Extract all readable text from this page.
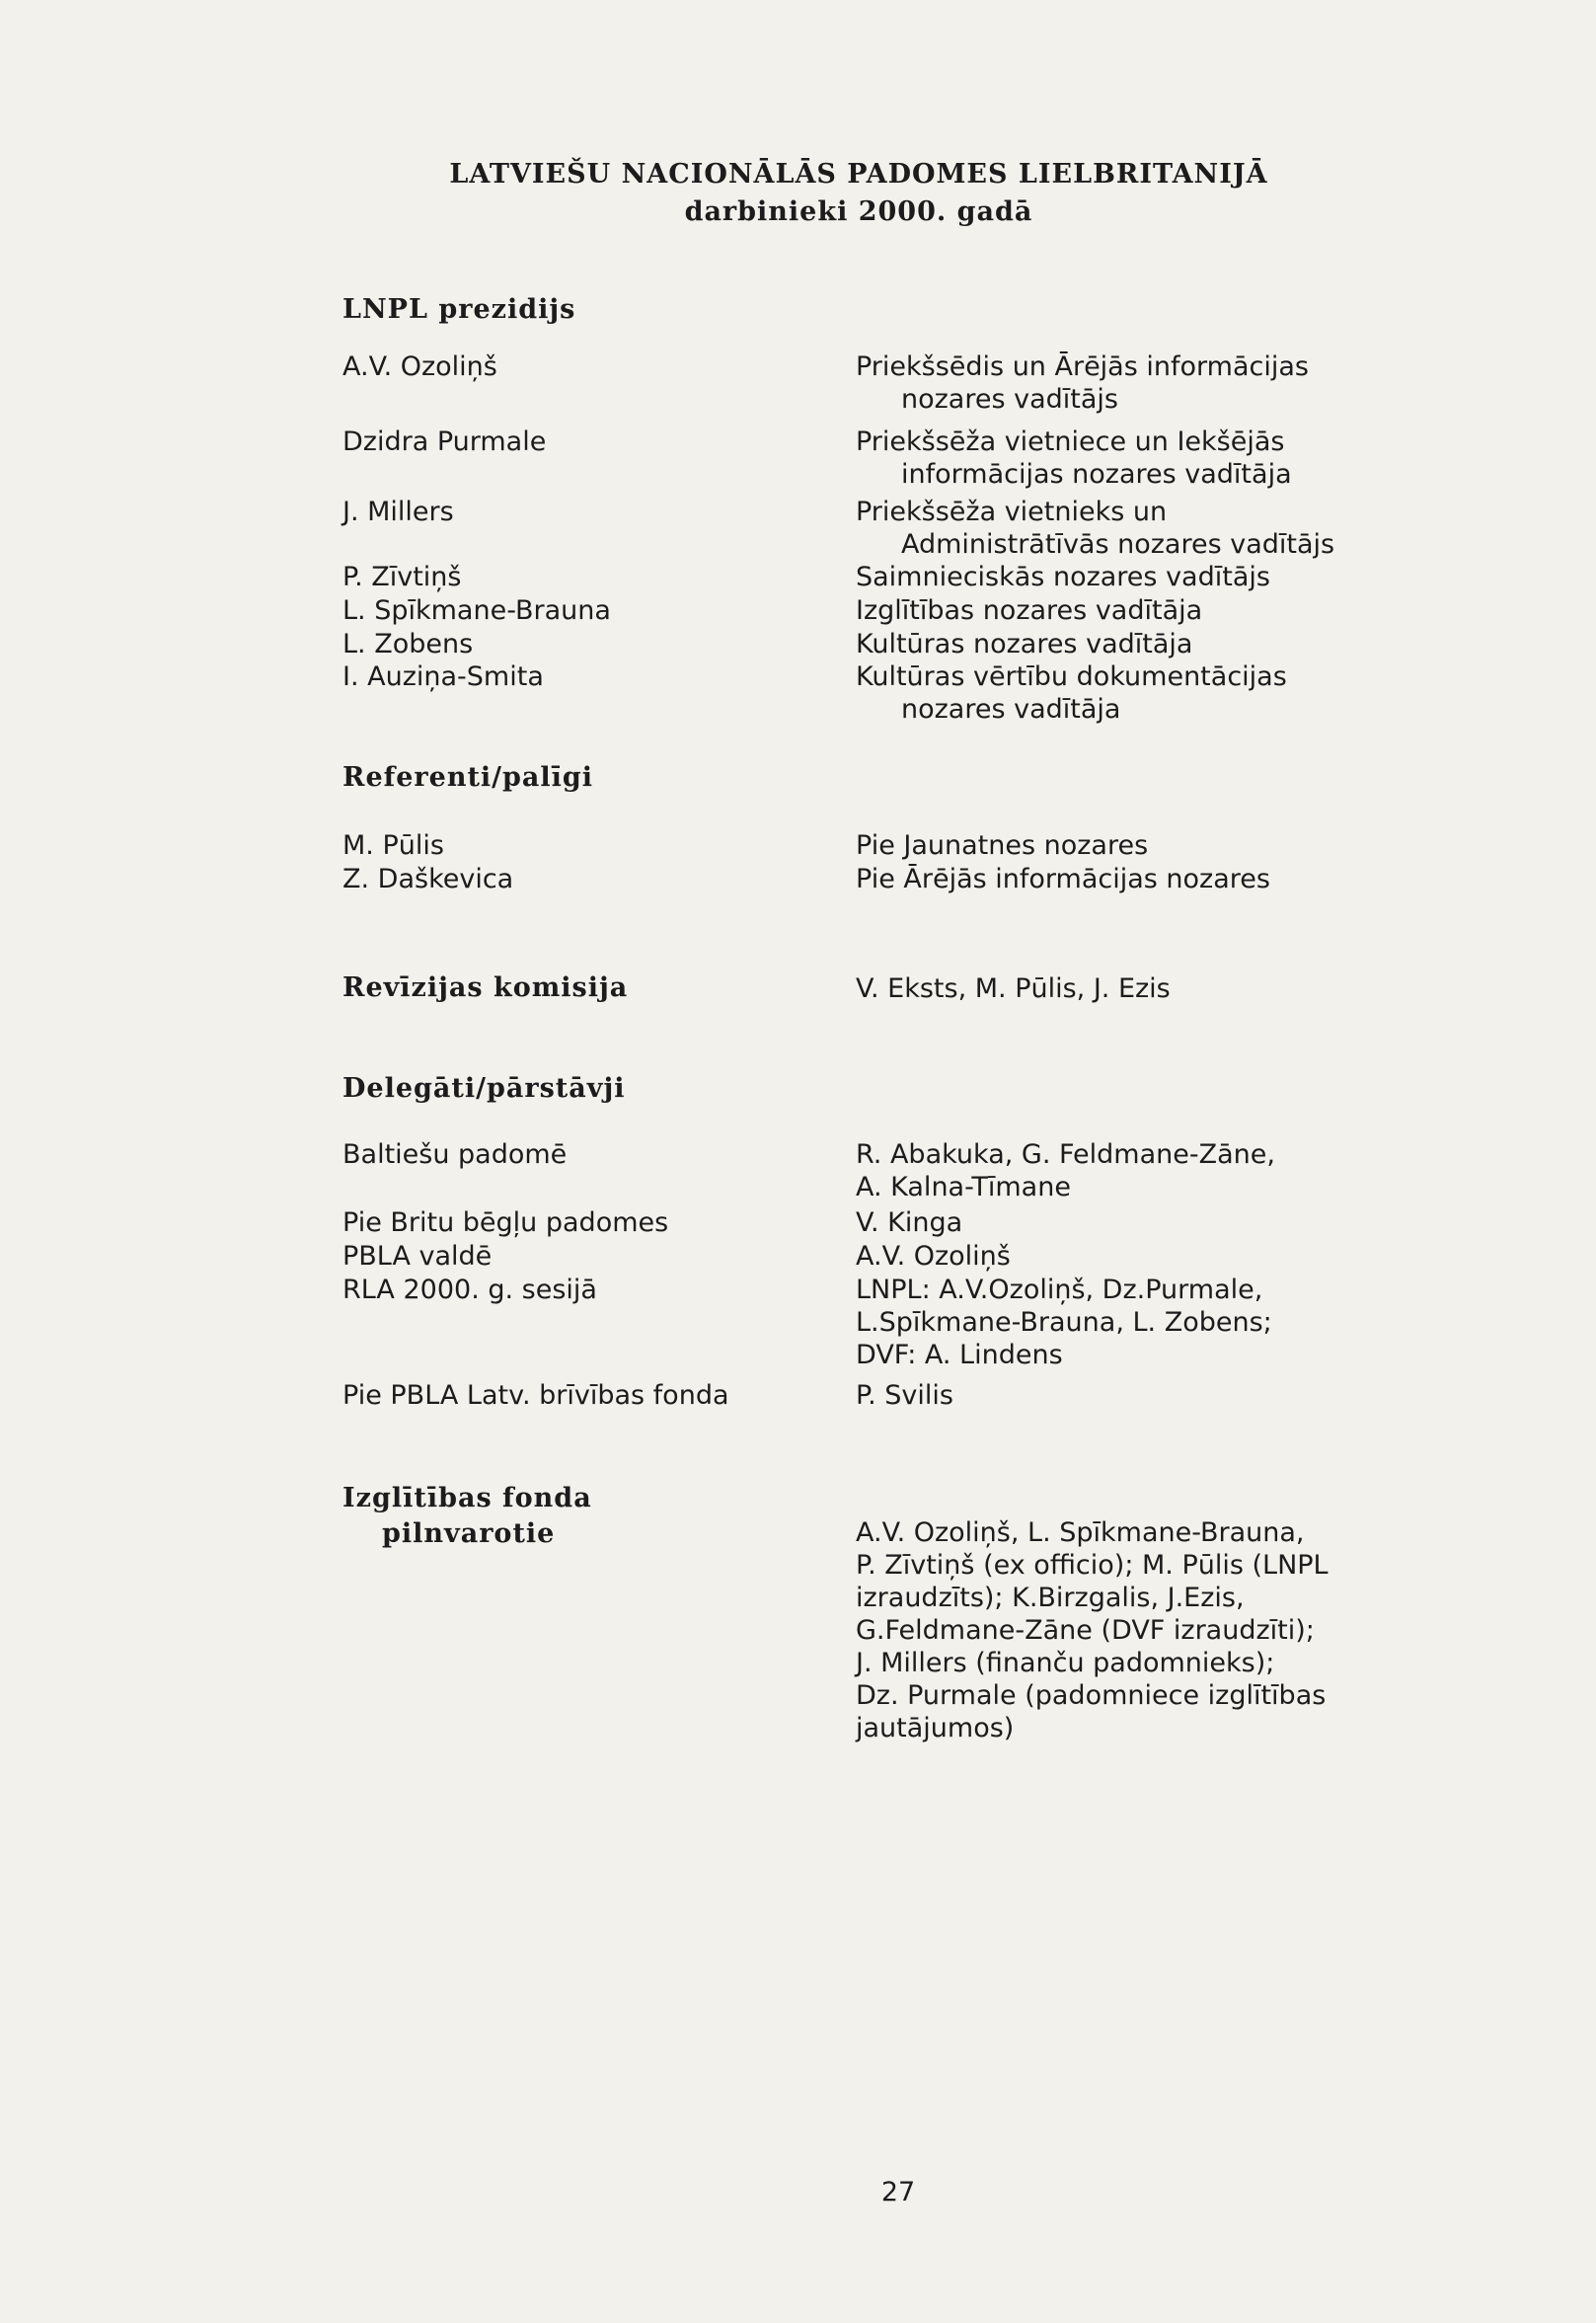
LATVIEŠU NACIONĀLĀS PADOMES LIELBRITANIJĀ
darbinieki 2000. gadā
LNPL prezidijs
A.V. Ozoliņš	Priekšsēdis un Ārējās informācijas
nozares vadītājs
Dzidra Purmale	Priekšsēža vietniece un Iekšējās
informācijas nozares vadītāja
J. Millers	Priekšsēža vietnieks un
Administrātīvās nozares vadītājs
P. Zīvtiņš	Saimnieciskās nozares vadītājs
L. Spīkmane-Brauna	Izglītības nozares vadītāja
L. Zobens	Kultūras nozares vadītāja
I. Auziņa-Smita	Kultūras vērtību dokumentācijas
nozares vadītāja
Referenti/palīgi
M. Pūlis	Pie Jaunatnes nozares
Z. Daškevica	Pie Ārējās informācijas nozares
Revīzijas komisija	V. Eksts, M. Pūlis, J. Ezis
Delegāti/pārstāvji
Baltiešu padomē	R. Abakuka, G. Feldmane-Zāne,
A. Kalna-Tīmane
Pie Britu bēgļu padomes	V. Kinga
PBLA valdē	A.V. Ozoliņš
RLA 2000. g. sesijā	LNPL: A.V.Ozoliņš, Dz.Purmale,
L.Spīkmane-Brauna, L. Zobens;
DVF: A. Lindens
Pie PBLA Latv. brīvības fonda	P. Svilis
Izglītības fonda
pilnvarotie	A.V. Ozoliņš, L. Spīkmane-Brauna,
P. Zīvtiņš (ex officio); M. Pūlis (LNPL
izraudzīts); K.Birzgalis, J.Ezis,
G.Feldmane-Zāne (DVF izraudzīti);
J. Millers (finanču padomnieks);
Dz. Purmale (padomniece izglītības
jautājumos)
27
